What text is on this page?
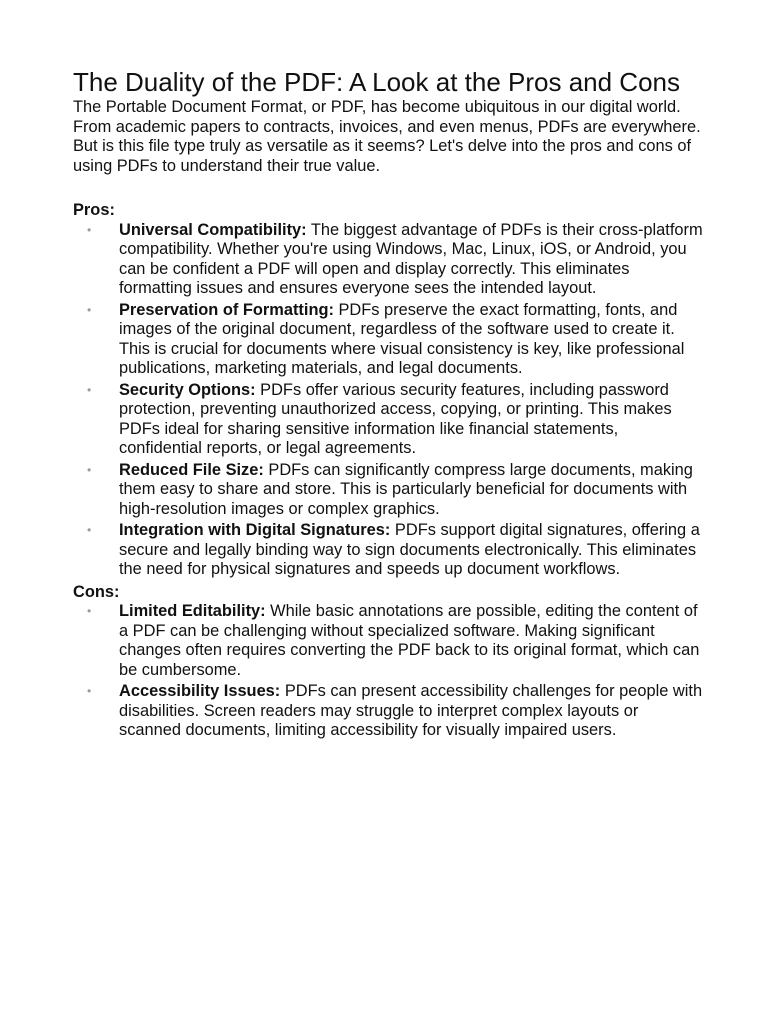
The Duality of the PDF: A Look at the Pros and Cons

The Portable Document Format, or PDF, has become ubiquitous in our digital world. From academic papers to contracts, invoices, and even menus, PDFs are everywhere. But is this file type truly as versatile as it seems? Let's delve into the pros and cons of using PDFs to understand their true value.

Pros:

• Universal Compatibility: The biggest advantage of PDFs is their cross-platform compatibility. Whether you're using Windows, Mac, Linux, iOS, or Android, you can be confident a PDF will open and display correctly. This eliminates formatting issues and ensures everyone sees the intended layout.
• Preservation of Formatting: PDFs preserve the exact formatting, fonts, and images of the original document, regardless of the software used to create it. This is crucial for documents where visual consistency is key, like professional publications, marketing materials, and legal documents.
• Security Options: PDFs offer various security features, including password protection, preventing unauthorized access, copying, or printing. This makes PDFs ideal for sharing sensitive information like financial statements, confidential reports, or legal agreements.
• Reduced File Size: PDFs can significantly compress large documents, making them easy to share and store. This is particularly beneficial for documents with high-resolution images or complex graphics.
• Integration with Digital Signatures: PDFs support digital signatures, offering a secure and legally binding way to sign documents electronically. This eliminates the need for physical signatures and speeds up document workflows.

Cons:

• Limited Editability: While basic annotations are possible, editing the content of a PDF can be challenging without specialized software. Making significant changes often requires converting the PDF back to its original format, which can be cumbersome.
• Accessibility Issues: PDFs can present accessibility challenges for people with disabilities. Screen readers may struggle to interpret complex layouts or scanned documents, limiting accessibility for visually impaired users.
